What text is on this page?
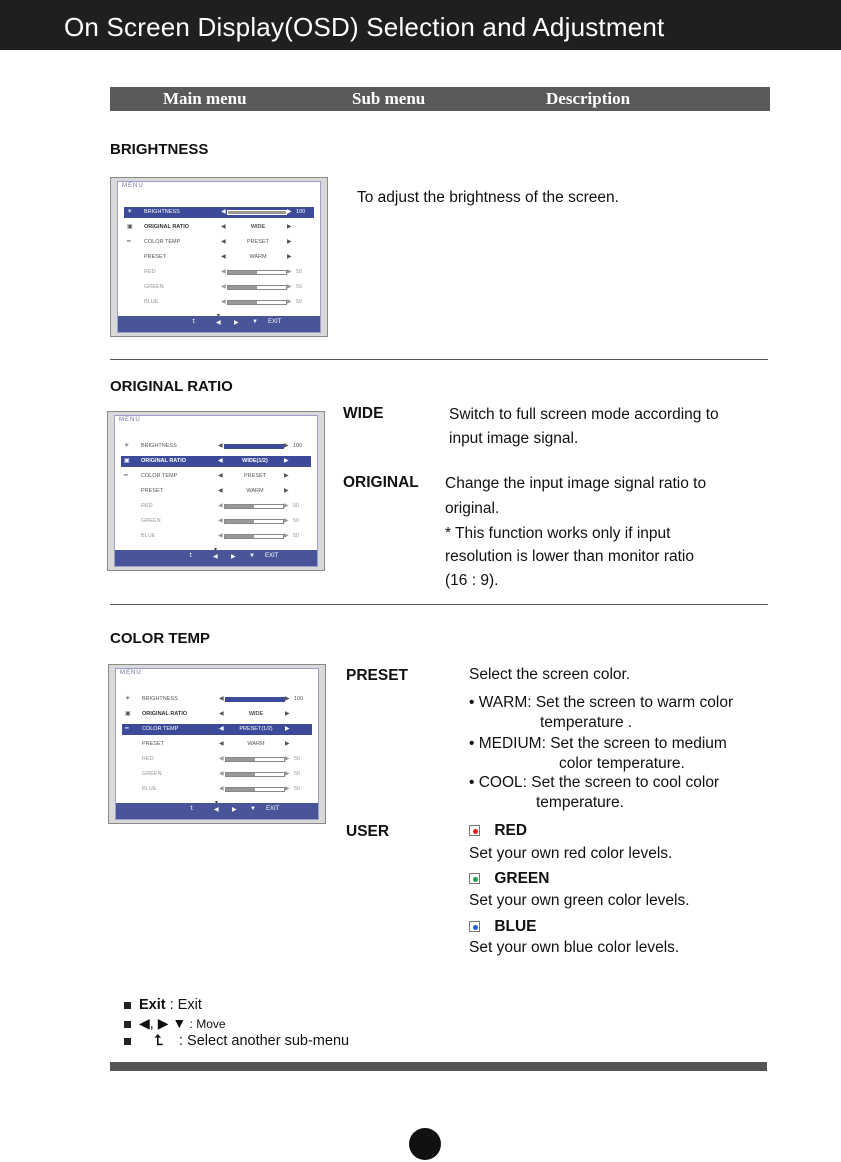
On Screen Display(OSD) Selection and Adjustment
Main menu	Sub menu	Description
BRIGHTNESS
MENU
☀ BRIGHTNESS	◀	▶ 100
▣ ORIGINAL RATIO	◀	WIDE	▶
━ COLOR TEMP	◀	PRESET	▶
PRESET	◀	WARM	▶
RED	◀	▶ 50
GREEN	◀	▶ 50
BLUE	◀	▶ 50
⮤	◀ ▶ ▼ EXIT
To adjust the brightness of the screen.
ORIGINAL RATIO
MENU
☀ BRIGHTNESS	◀	▶ 100
▣ ORIGINAL RATIO	◀	WIDE(1/2)	▶
━ COLOR TEMP	◀	PRESET	▶
PRESET	◀	WARM	▶
RED	◀	▶ 50
GREEN	◀	▶ 50
BLUE	◀	▶ 50
⮤	◀ ▶ ▼ EXIT
WIDE	Switch to full screen mode according to
input image signal.
ORIGINAL Change the input image signal ratio to
original.
* This function works only if input
resolution is lower than monitor ratio
(16 : 9).
COLOR TEMP
MENU
☀ BRIGHTNESS	◀	▶ 100
▣ ORIGINAL RATIO	◀	WIDE	▶
━ COLOR TEMP	◀	PRESET(1/2)	▶
PRESET	◀	WARM	▶
RED	◀	▶ 50
GREEN	◀	▶ 50
BLUE	◀	▶ 50
⮤	◀ ▶ ▼ EXIT
PRESET	Select the screen color.
• WARM: Set the screen to warm color
temperature .
• MEDIUM: Set the screen to medium
color temperature.
• COOL: Set the screen to cool color
temperature.
USER	RED
Set your own red color levels.
GREEN
Set your own green color levels.
BLUE
Set your own blue color levels.
Exit : Exit
◀, ▶ ▼ : Move
⮤ : Select another sub-menu
